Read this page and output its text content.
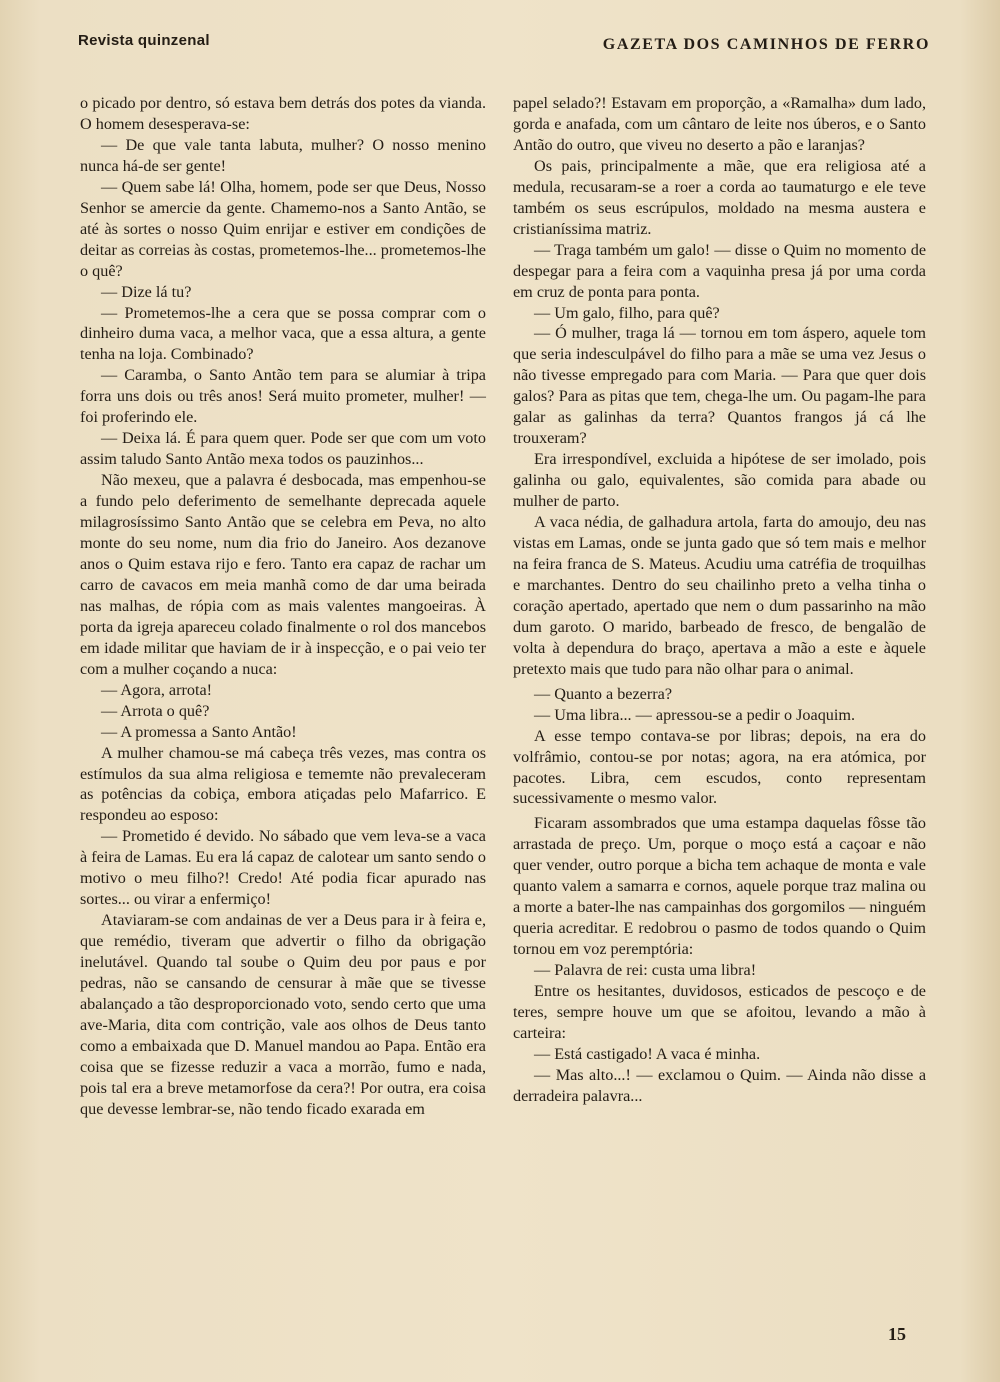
Revista quinzenal	GAZETA DOS CAMINHOS DE FERRO

o picado por dentro, só estava bem detrás dos potes da vianda. O homem desesperava-se:

— De que vale tanta labuta, mulher? O nosso menino nunca há-de ser gente!

— Quem sabe lá! Olha, homem, pode ser que Deus, Nosso Senhor se amercie da gente. Chamemo-nos a Santo Antão, se até às sortes o nosso Quim enrijar e estiver em condições de deitar as correias às costas, prometemos-lhe... prometemos-lhe o quê?

— Dize lá tu?

— Prometemos-lhe a cera que se possa comprar com o dinheiro duma vaca, a melhor vaca, que a essa altura, a gente tenha na loja. Combinado?

— Caramba, o Santo Antão tem para se alumiar à tripa forra uns dois ou três anos! Será muito prometer, mulher! — foi proferindo ele.

— Deixa lá. É para quem quer. Pode ser que com um voto assim taludo Santo Antão mexa todos os pauzinhos...

Não mexeu, que a palavra é desbocada, mas empenhou-se a fundo pelo deferimento de semelhante deprecada aquele milagrosíssimo Santo Antão que se celebra em Peva, no alto monte do seu nome, num dia frio do Janeiro. Aos dezanove anos o Quim estava rijo e fero. Tanto era capaz de rachar um carro de cavacos em meia manhã como de dar uma beirada nas malhas, de rópia com as mais valentes mangoeiras. À porta da igreja apareceu colado finalmente o rol dos mancebos em idade militar que haviam de ir à inspecção, e o pai veio ter com a mulher coçando a nuca:

— Agora, arrota!

— Arrota o quê?

— A promessa a Santo Antão!

A mulher chamou-se má cabeça três vezes, mas contra os estímulos da sua alma religiosa e tememte não prevaleceram as potências da cobiça, embora atiçadas pelo Mafarrico. E respondeu ao esposo:

— Prometido é devido. No sábado que vem leva-se a vaca à feira de Lamas. Eu era lá capaz de calotear um santo sendo o motivo o meu filho?! Credo! Até podia ficar apurado nas sortes... ou virar a enfermiço!

Ataviaram-se com andainas de ver a Deus para ir à feira e, que remédio, tiveram que advertir o filho da obrigação inelutável. Quando tal soube o Quim deu por paus e por pedras, não se cansando de censurar à mãe que se tivesse abalançado a tão desproporcionado voto, sendo certo que uma ave-Maria, dita com contrição, vale aos olhos de Deus tanto como a embaixada que D. Manuel mandou ao Papa. Então era coisa que se fizesse reduzir a vaca a morrão, fumo e nada, pois tal era a breve metamorfose da cera?! Por outra, era coisa que devesse lembrar-se, não tendo ficado exarada em

papel selado?! Estavam em proporção, a «Ramalha» dum lado, gorda e anafada, com um cântaro de leite nos úberos, e o Santo Antão do outro, que viveu no deserto a pão e laranjas?

Os pais, principalmente a mãe, que era religiosa até a medula, recusaram-se a roer a corda ao taumaturgo e ele teve também os seus escrúpulos, moldado na mesma austera e cristianíssima matriz.

— Traga também um galo! — disse o Quim no momento de despegar para a feira com a vaquinha presa já por uma corda em cruz de ponta para ponta.

— Um galo, filho, para quê?

— Ó mulher, traga lá — tornou em tom áspero, aquele tom que seria indesculpável do filho para a mãe se uma vez Jesus o não tivesse empregado para com Maria. — Para que quer dois galos? Para as pitas que tem, chega-lhe um. Ou pagam-lhe para galar as galinhas da terra? Quantos frangos já cá lhe trouxeram?

Era irrespondível, excluida a hipótese de ser imolado, pois galinha ou galo, equivalentes, são comida para abade ou mulher de parto.

A vaca nédia, de galhadura artola, farta do amoujo, deu nas vistas em Lamas, onde se junta gado que só tem mais e melhor na feira franca de S. Mateus. Acudiu uma catréfia de troquilhas e marchantes. Dentro do seu chailinho preto a velha tinha o coração apertado, apertado que nem o dum passarinho na mão dum garoto. O marido, barbeado de fresco, de bengalão de volta à dependura do braço, apertava a mão a este e àquele pretexto mais que tudo para não olhar para o animal.

— Quanto a bezerra?

— Uma libra... — apressou-se a pedir o Joaquim.

A esse tempo contava-se por libras; depois, na era do volfrâmio, contou-se por notas; agora, na era atómica, por pacotes. Libra, cem escudos, conto representam sucessivamente o mesmo valor.

Ficaram assombrados que uma estampa daquelas fôsse tão arrastada de preço. Um, porque o moço está a caçoar e não quer vender, outro porque a bicha tem achaque de monta e vale quanto valem a samarra e cornos, aquele porque traz malina ou a morte a bater-lhe nas campainhas dos gorgomilos — ninguém queria acreditar. E redobrou o pasmo de todos quando o Quim tornou em voz peremptória:

— Palavra de rei: custa uma libra!

Entre os hesitantes, duvidosos, esticados de pescoço e de teres, sempre houve um que se afoitou, levando a mão à carteira:

— Está castigado! A vaca é minha.

— Mas alto...! — exclamou o Quim. — Ainda não disse a derradeira palavra...

15
